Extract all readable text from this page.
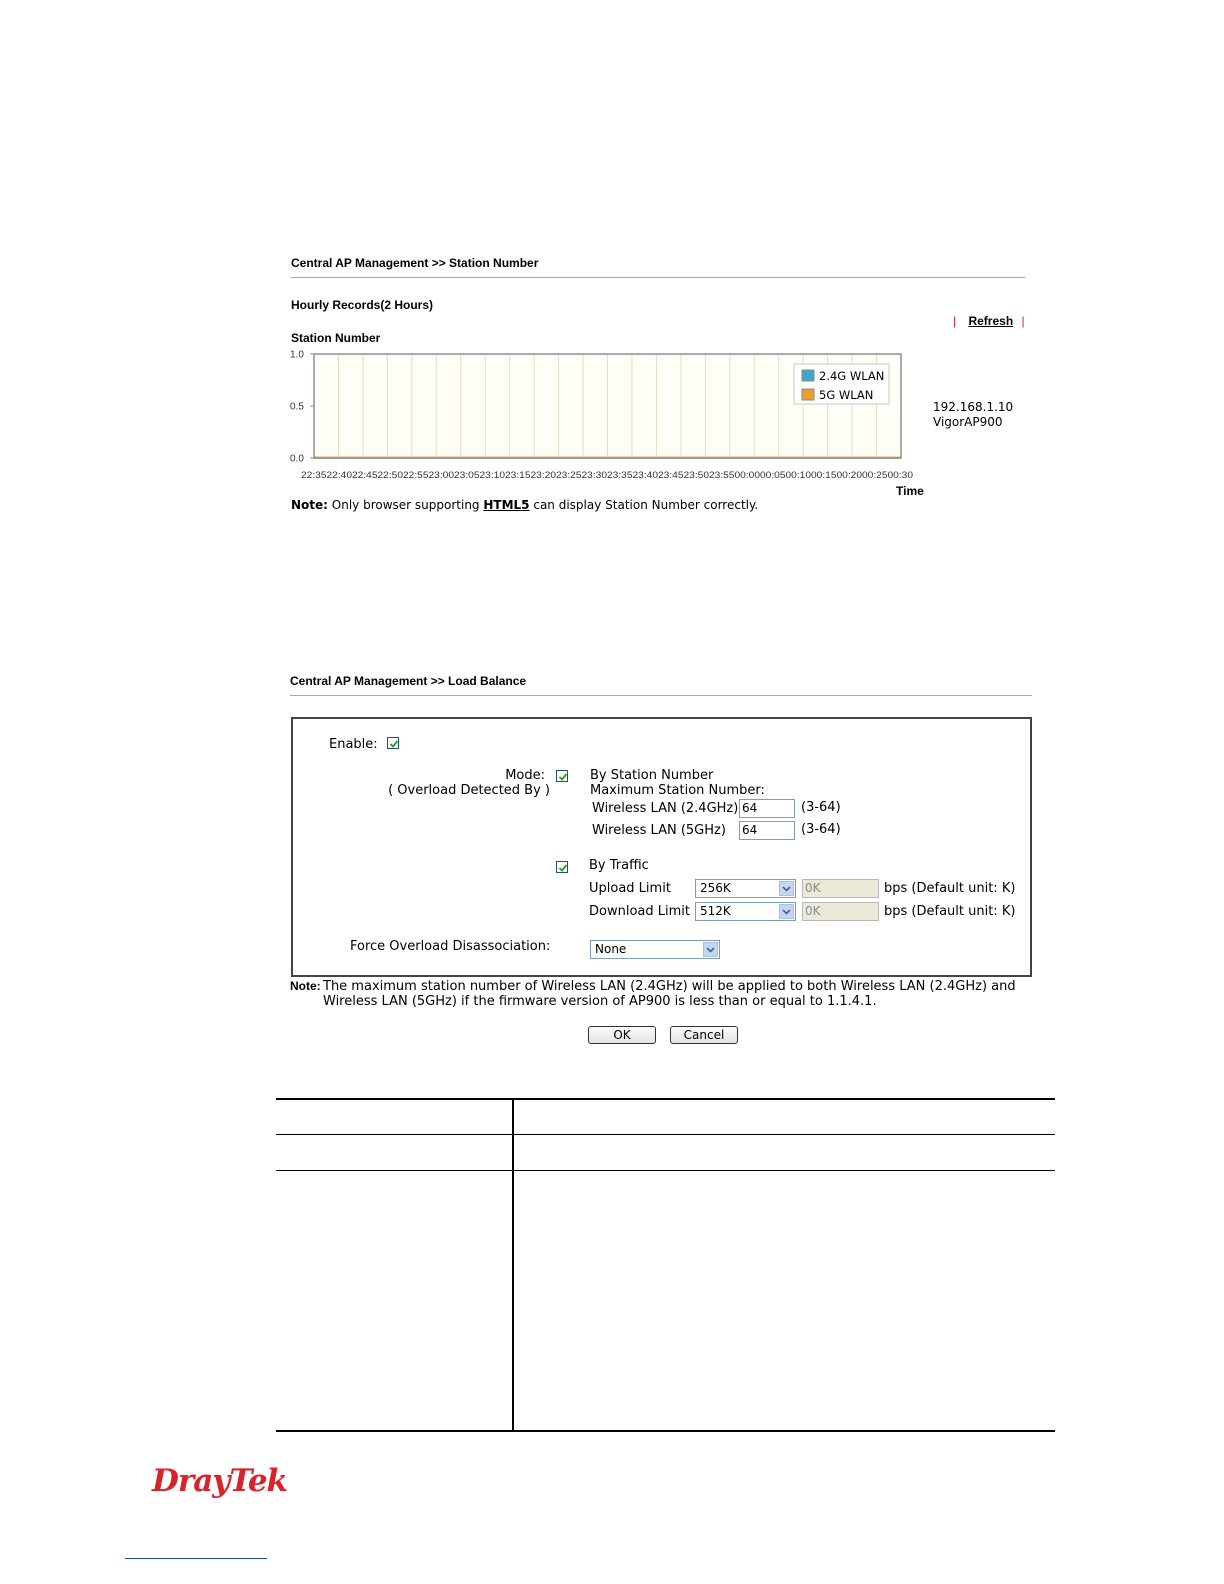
Central AP Management >> Station Number
Hourly Records(2 Hours)
| Refresh |
Station Number
1.0
0.5
0.0
22:3522:4022:4522:5022:5523:0023:0523:1023:1523:2023:2523:3023:3523:4023:4523:5023:5500:0000:0500:1000:1500:2000:2500:30
2.4G WLAN
5G WLAN
192.168.1.10
VigorAP900
Time
Note: Only browser supporting HTML5 can display Station Number correctly.
Central AP Management >> Load Balance
Enable:
Mode:
( Overload Detected By )
By Station Number
Maximum Station Number:
Wireless LAN (2.4GHz) 64	(3-64)
Wireless LAN (5GHz) 64	(3-64)
By Traffic
Upload Limit 256K	0K	bps (Default unit: K)
Download Limit 512K	0K	bps (Default unit: K)
Force Overload Disassociation:	None
Note: The maximum station number of Wireless LAN (2.4GHz) will be applied to both Wireless LAN (2.4GHz) and
Wireless LAN (5GHz) if the firmware version of AP900 is less than or equal to 1.1.4.1.
OK	Cancel
DrayTek
